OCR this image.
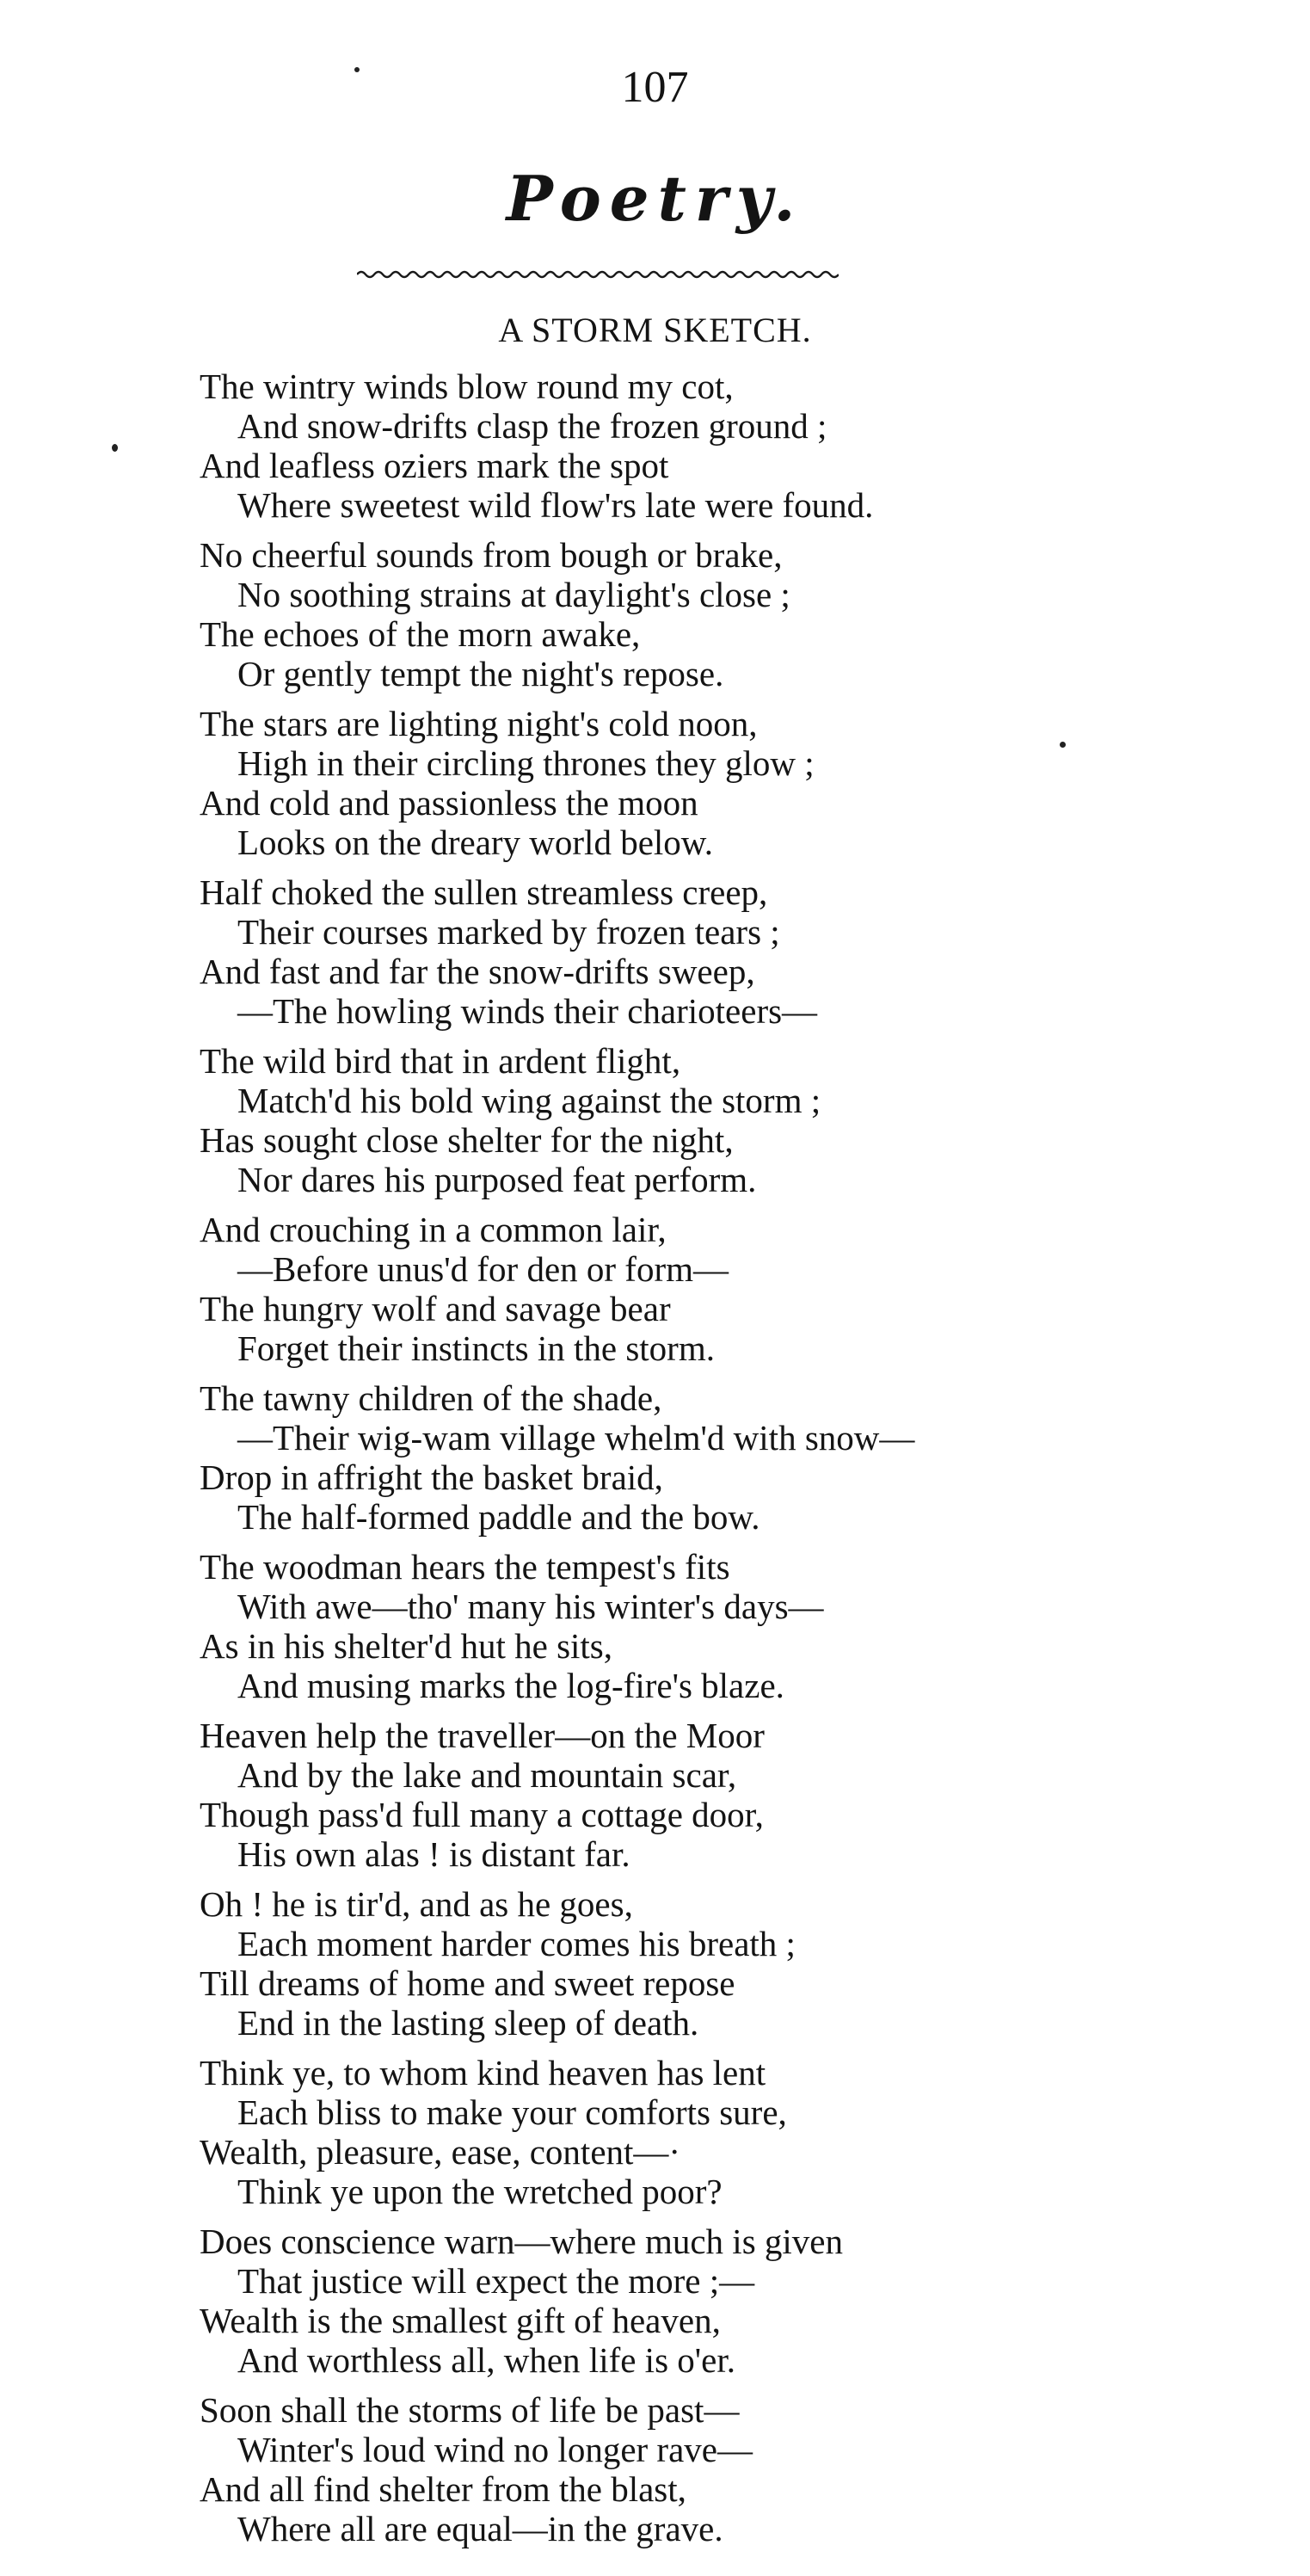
107
Poetry.
A STORM SKETCH.
The wintry winds blow round my cot,
And snow-drifts clasp the frozen ground ;
And leafless oziers mark the spot
Where sweetest wild flow'rs late were found.
No cheerful sounds from bough or brake,
No soothing strains at daylight's close ;
The echoes of the morn awake,
Or gently tempt the night's repose.
The stars are lighting night's cold noon,
High in their circling thrones they glow ;
And cold and passionless the moon
Looks on the dreary world below.
Half choked the sullen streamless creep,
Their courses marked by frozen tears ;
And fast and far the snow-drifts sweep,
—The howling winds their charioteers—
The wild bird that in ardent flight,
Match'd his bold wing against the storm ;
Has sought close shelter for the night,
Nor dares his purposed feat perform.
And crouching in a common lair,
—Before unus'd for den or form—
The hungry wolf and savage bear
Forget their instincts in the storm.
The tawny children of the shade,
—Their wig-wam village whelm'd with snow—
Drop in affright the basket braid,
The half-formed paddle and the bow.
The woodman hears the tempest's fits
With awe—tho' many his winter's days—
As in his shelter'd hut he sits,
And musing marks the log-fire's blaze.
Heaven help the traveller—on the Moor
And by the lake and mountain scar,
Though pass'd full many a cottage door,
His own alas ! is distant far.
Oh ! he is tir'd, and as he goes,
Each moment harder comes his breath ;
Till dreams of home and sweet repose
End in the lasting sleep of death.
Think ye, to whom kind heaven has lent
Each bliss to make your comforts sure,
Wealth, pleasure, ease, content—·
Think ye upon the wretched poor?
Does conscience warn—where much is given
That justice will expect the more ;—
Wealth is the smallest gift of heaven,
And worthless all, when life is o'er.
Soon shall the storms of life be past—
Winter's loud wind no longer rave—
And all find shelter from the blast,
Where all are equal—in the grave.
